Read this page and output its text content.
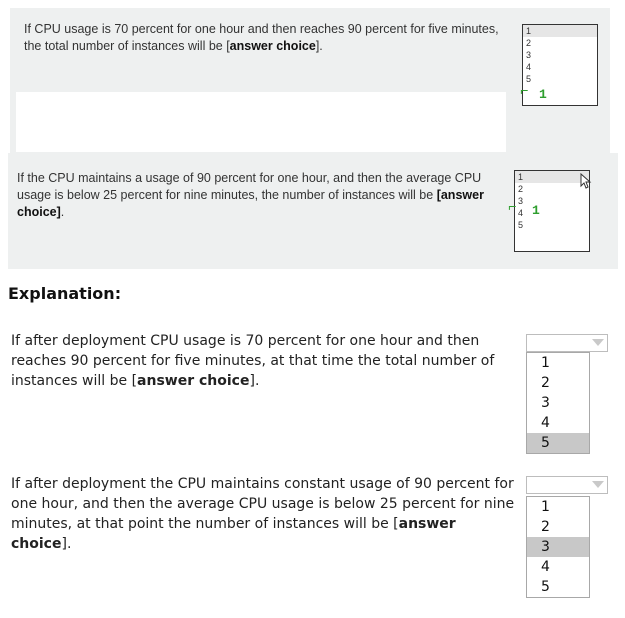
If CPU usage is 70 percent for one hour and then reaches 90 percent for five minutes, the total number of instances will be [answer choice].
1
2
3
4
5
⌐ 1
If the CPU maintains a usage of 90 percent for one hour, and then the average CPU usage is below 25 percent for nine minutes, the number of instances will be [answer choice].
1
2
3
4
5
⌐ 1
Explanation:
If after deployment CPU usage is 70 percent for one hour and then reaches 90 percent for five minutes, at that time the total number of instances will be [answer choice].
1
2
3
4
5
If after deployment the CPU maintains constant usage of 90 percent for one hour, and then the average CPU usage is below 25 percent for nine minutes, at that point the number of instances will be [answer choice].
1
2
3
4
5
